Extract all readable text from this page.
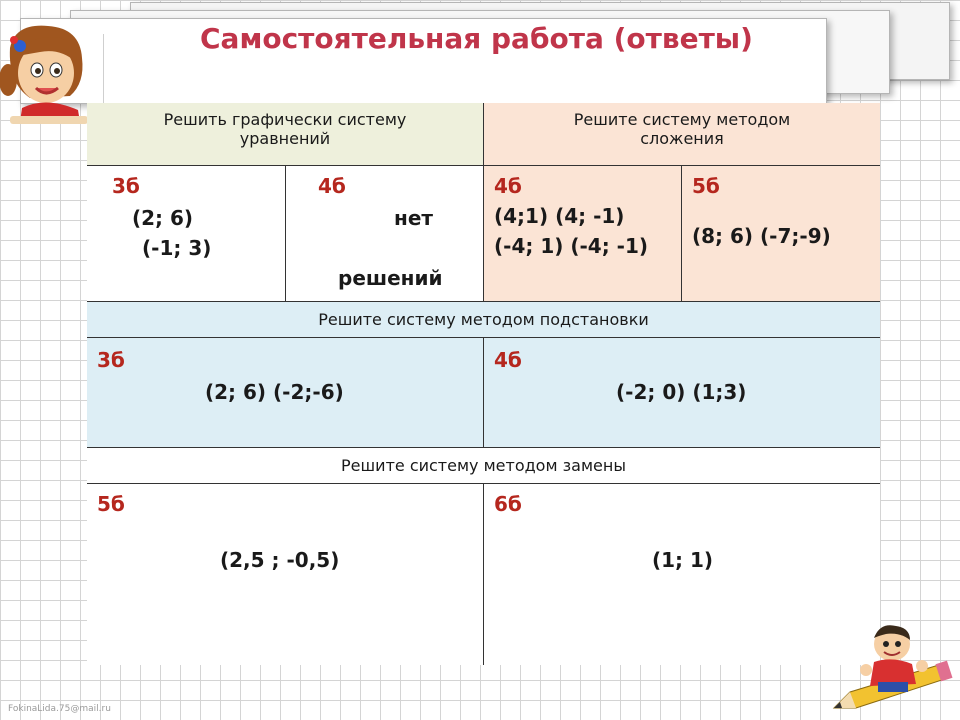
Самостоятельная работа (ответы)
Решить графически систему уравнений
Решите систему методом сложения
3б
(2; 6)
(-1; 3)
4б
нет
решений
4б
(4;1) (4; -1)
(-4; 1) (-4; -1)
5б
(8; 6) (-7;-9)
Решите систему методом подстановки
3б
(2; 6) (-2;-6)
4б
(-2; 0) (1;3)
Решите систему методом замены
5б
(2,5 ; -0,5)
6б
(1; 1)
FokinaLida.75@mail.ru
